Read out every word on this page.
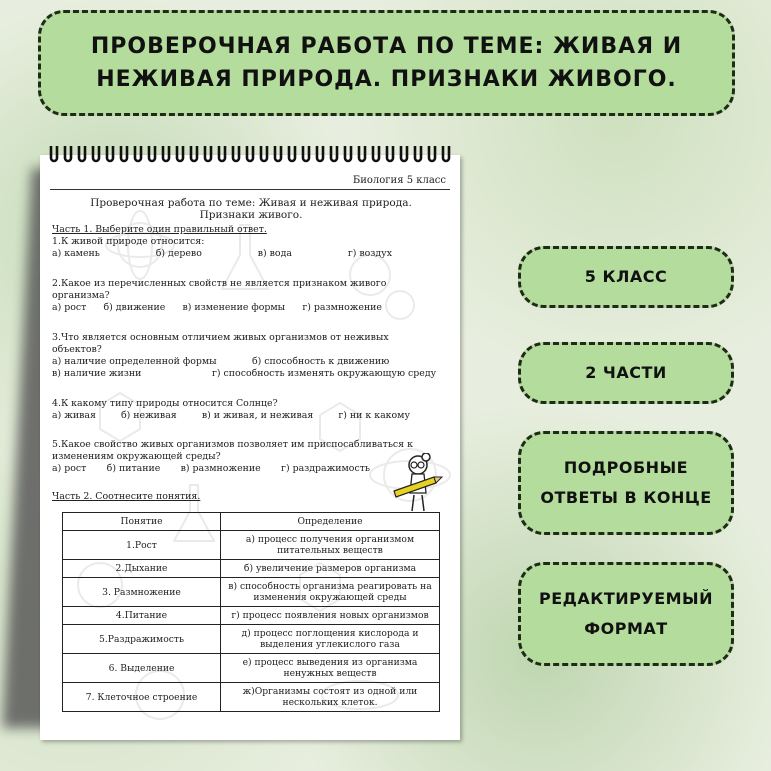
ПРОВЕРОЧНАЯ РАБОТА ПО ТЕМЕ: ЖИВАЯ И НЕЖИВАЯ ПРИРОДА. ПРИЗНАКИ ЖИВОГО.
5 КЛАСС
2 ЧАСТИ
ПОДРОБНЫЕ ОТВЕТЫ В КОНЦЕ
РЕДАКТИРУЕМЫЙ ФОРМАТ
Биология 5 класс
Проверочная работа по теме: Живая и неживая природа.
Признаки живого.
Часть 1. Выберите один правильный ответ.
1.К живой природе относится:
а) камень	б) дерево	в) вода	г) воздух
2.Какое из перечисленных свойств не является признаком живого
организма?
а) рост б) движение в) изменение формы г) размножение
3.Что является основным отличием живых организмов от неживых
объектов?
а) наличие определенной формы	б) способность к движению
в) наличие жизни	г) способность изменять окружающую среду
4.К какому типу природы относится Солнце?
а) живая	б) неживая	в) и живая, и неживая	г) ни к какому
5.Какое свойство живых организмов позволяет им приспосабливаться к
изменениям окружающей среды?
а) рост б) питание в) размножение г) раздражимость
Часть 2. Соотнесите понятия.
Понятие	Определение
1.Рост	а) процесс получения организмом питательных веществ
2.Дыхание	б) увеличение размеров организма
3. Размножение	в) способность организма реагировать на изменения окружающей среды
4.Питание	г) процесс появления новых организмов
5.Раздражимость	д) процесс поглощения кислорода и выделения углекислого газа
6. Выделение	е) процесс выведения из организма ненужных веществ
7. Клеточное строение	ж)Организмы состоят из одной или нескольких клеток.
